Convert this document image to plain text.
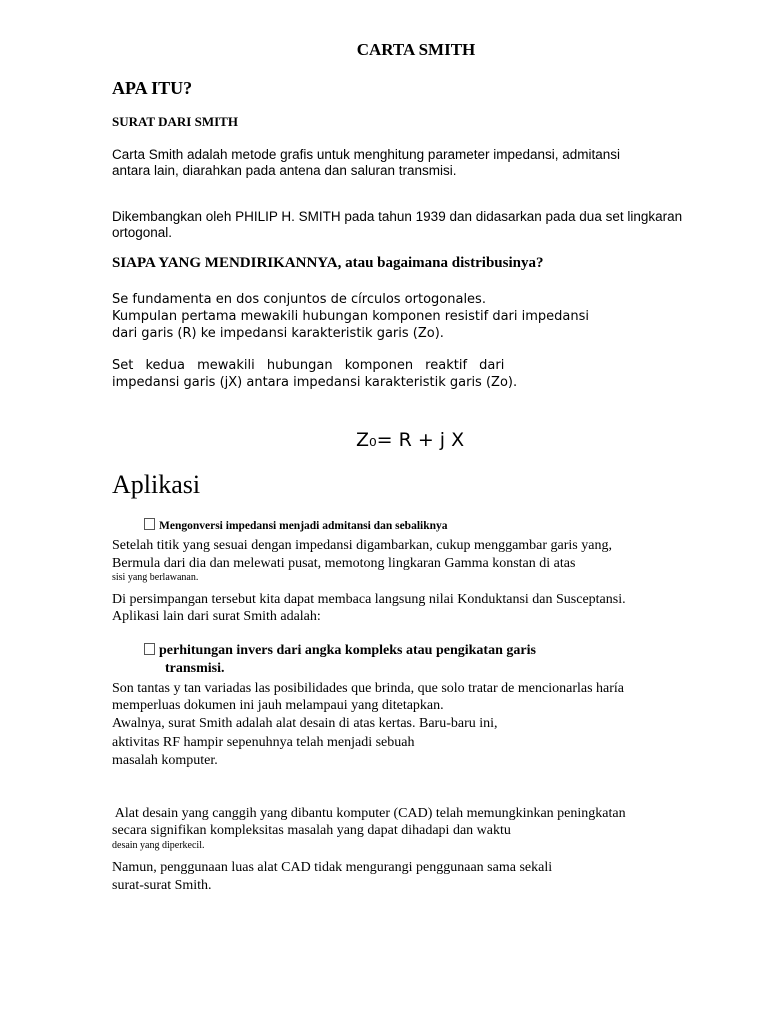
CARTA SMITH
APA ITU?
SURAT DARI SMITH
Carta Smith adalah metode grafis untuk menghitung parameter impedansi, admitansi
antara lain, diarahkan pada antena dan saluran transmisi.
Dikembangkan oleh PHILIP H. SMITH pada tahun 1939 dan didasarkan pada dua set lingkaran
ortogonal.
SIAPA YANG MENDIRIKANNYA, atau bagaimana distribusinya?
Se fundamenta en dos conjuntos de círculos ortogonales.
Kumpulan pertama mewakili hubungan komponen resistif dari impedansi
dari garis (R) ke impedansi karakteristik garis (Zo).
Set kedua mewakili hubungan komponen reaktif dari
impedansi garis (jX) antara impedansi karakteristik garis (Zo).
Z₀= R + j X
Aplikasi
Mengonversi impedansi menjadi admitansi dan sebaliknya
Setelah titik yang sesuai dengan impedansi digambarkan, cukup menggambar garis yang,
Bermula dari dia dan melewati pusat, memotong lingkaran Gamma konstan di atas
sisi yang berlawanan.
Di persimpangan tersebut kita dapat membaca langsung nilai Konduktansi dan Susceptansi.
Aplikasi lain dari surat Smith adalah:
perhitungan invers dari angka kompleks atau pengikatan garis
transmisi.
Son tantas y tan variadas las posibilidades que brinda, que solo tratar de mencionarlas haría
memperluas dokumen ini jauh melampaui yang ditetapkan.
Awalnya, surat Smith adalah alat desain di atas kertas. Baru-baru ini,
aktivitas RF hampir sepenuhnya telah menjadi sebuah
masalah komputer.
Alat desain yang canggih yang dibantu komputer (CAD) telah memungkinkan peningkatan
secara signifikan kompleksitas masalah yang dapat dihadapi dan waktu
desain yang diperkecil.
Namun, penggunaan luas alat CAD tidak mengurangi penggunaan sama sekali
surat-surat Smith.
